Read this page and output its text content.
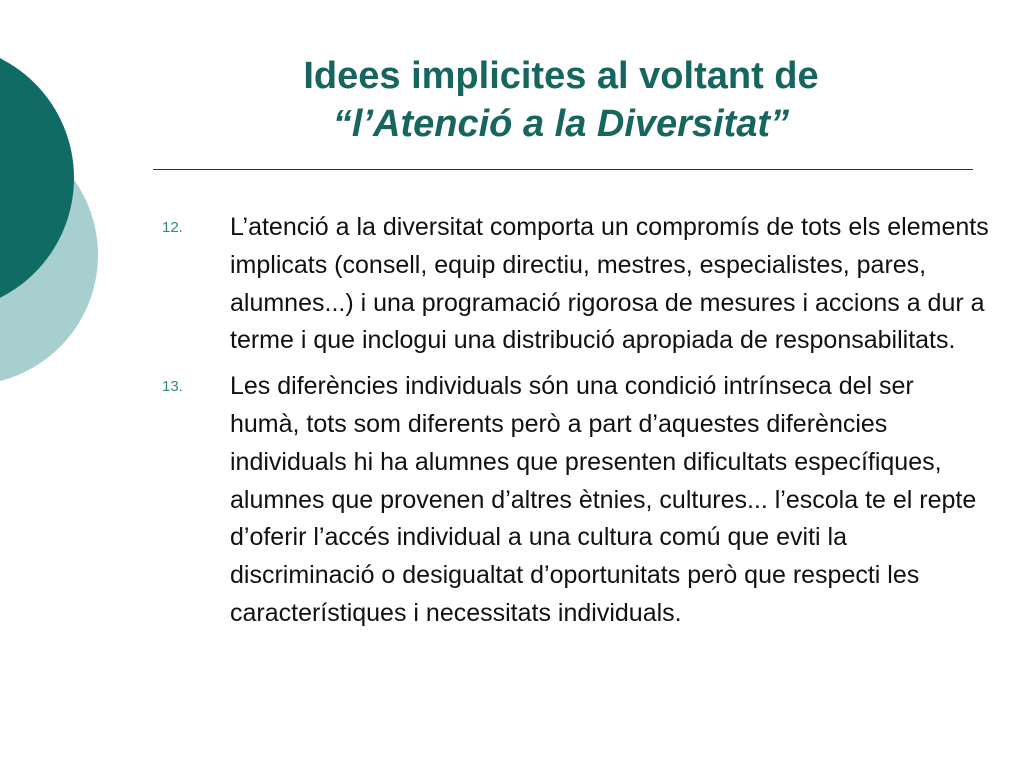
Idees implicites al voltant de
“l’Atenció a la Diversitat”
12.	L’atenció a la diversitat comporta un compromís de tots els elements implicats (consell, equip directiu, mestres, especialistes, pares, alumnes...) i una programació rigorosa de mesures i accions a dur a terme i que inclogui una distribució apropiada de responsabilitats.
13.	Les diferències individuals són una condició intrínseca del ser humà, tots som diferents però a part d’aquestes diferències individuals hi ha alumnes que presenten dificultats específiques, alumnes que provenen d’altres ètnies, cultures... l’escola te el repte d’oferir l’accés individual a una cultura comú que eviti la discriminació o desigualtat d’oportunitats però que respecti les característiques i necessitats individuals.
